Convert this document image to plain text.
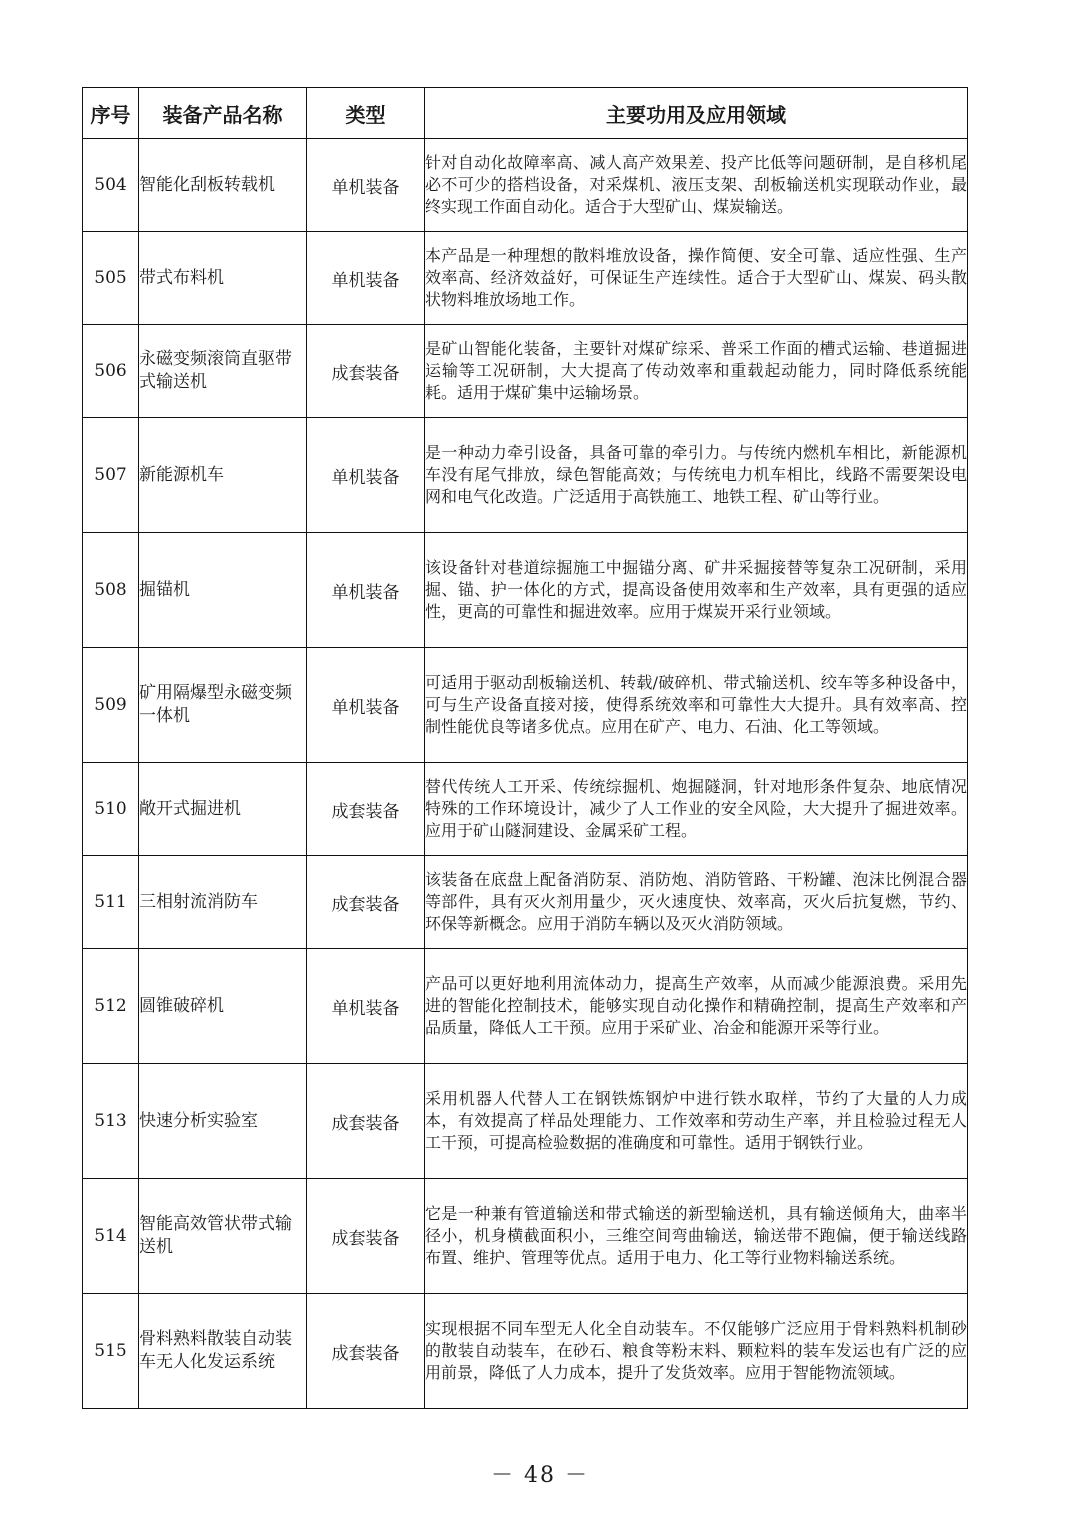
序号	装备产品名称	类型	主要功用及应用领域
504	智能化刮板转载机	单机装备	针对自动化故障率高、减人高产效果差、投产比低等问题研制，是自移机尾必不可少的搭档设备，对采煤机、液压支架、刮板输送机实现联动作业，最终实现工作面自动化。适合于大型矿山、煤炭输送。
505	带式布料机	单机装备	本产品是一种理想的散料堆放设备，操作简便、安全可靠、适应性强、生产效率高、经济效益好，可保证生产连续性。适合于大型矿山、煤炭、码头散状物料堆放场地工作。
506	永磁变频滚筒直驱带式输送机	成套装备	是矿山智能化装备，主要针对煤矿综采、普采工作面的槽式运输、巷道掘进运输等工况研制，大大提高了传动效率和重载起动能力，同时降低系统能耗。适用于煤矿集中运输场景。
507	新能源机车	单机装备	是一种动力牵引设备，具备可靠的牵引力。与传统内燃机车相比，新能源机车没有尾气排放，绿色智能高效；与传统电力机车相比，线路不需要架设电网和电气化改造。广泛适用于高铁施工、地铁工程、矿山等行业。
508	掘锚机	单机装备	该设备针对巷道综掘施工中掘锚分离、矿井采掘接替等复杂工况研制，采用掘、锚、护一体化的方式，提高设备使用效率和生产效率，具有更强的适应性，更高的可靠性和掘进效率。应用于煤炭开采行业领域。
509	矿用隔爆型永磁变频一体机	单机装备	可适用于驱动刮板输送机、转载/破碎机、带式输送机、绞车等多种设备中，可与生产设备直接对接，使得系统效率和可靠性大大提升。具有效率高、控制性能优良等诸多优点。应用在矿产、电力、石油、化工等领域。
510	敞开式掘进机	成套装备	替代传统人工开采、传统综掘机、炮掘隧洞，针对地形条件复杂、地底情况特殊的工作环境设计，减少了人工作业的安全风险，大大提升了掘进效率。应用于矿山隧洞建设、金属采矿工程。
511	三相射流消防车	成套装备	该装备在底盘上配备消防泵、消防炮、消防管路、干粉罐、泡沫比例混合器等部件，具有灭火剂用量少，灭火速度快、效率高，灭火后抗复燃，节约、环保等新概念。应用于消防车辆以及灭火消防领域。
512	圆锥破碎机	单机装备	产品可以更好地利用流体动力，提高生产效率，从而减少能源浪费。采用先进的智能化控制技术，能够实现自动化操作和精确控制，提高生产效率和产品质量，降低人工干预。应用于采矿业、冶金和能源开采等行业。
513	快速分析实验室	成套装备	采用机器人代替人工在钢铁炼钢炉中进行铁水取样，节约了大量的人力成本，有效提高了样品处理能力、工作效率和劳动生产率，并且检验过程无人工干预，可提高检验数据的准确度和可靠性。适用于钢铁行业。
514	智能高效管状带式输送机	成套装备	它是一种兼有管道输送和带式输送的新型输送机，具有输送倾角大，曲率半径小，机身横截面积小，三维空间弯曲输送，输送带不跑偏，便于输送线路布置、维护、管理等优点。适用于电力、化工等行业物料输送系统。
515	骨料熟料散装自动装车无人化发运系统	成套装备	实现根据不同车型无人化全自动装车。不仅能够广泛应用于骨料熟料机制砂的散装自动装车，在砂石、粮食等粉末料、颗粒料的装车发运也有广泛的应用前景，降低了人力成本，提升了发货效率。应用于智能物流领域。
－ 48 －
